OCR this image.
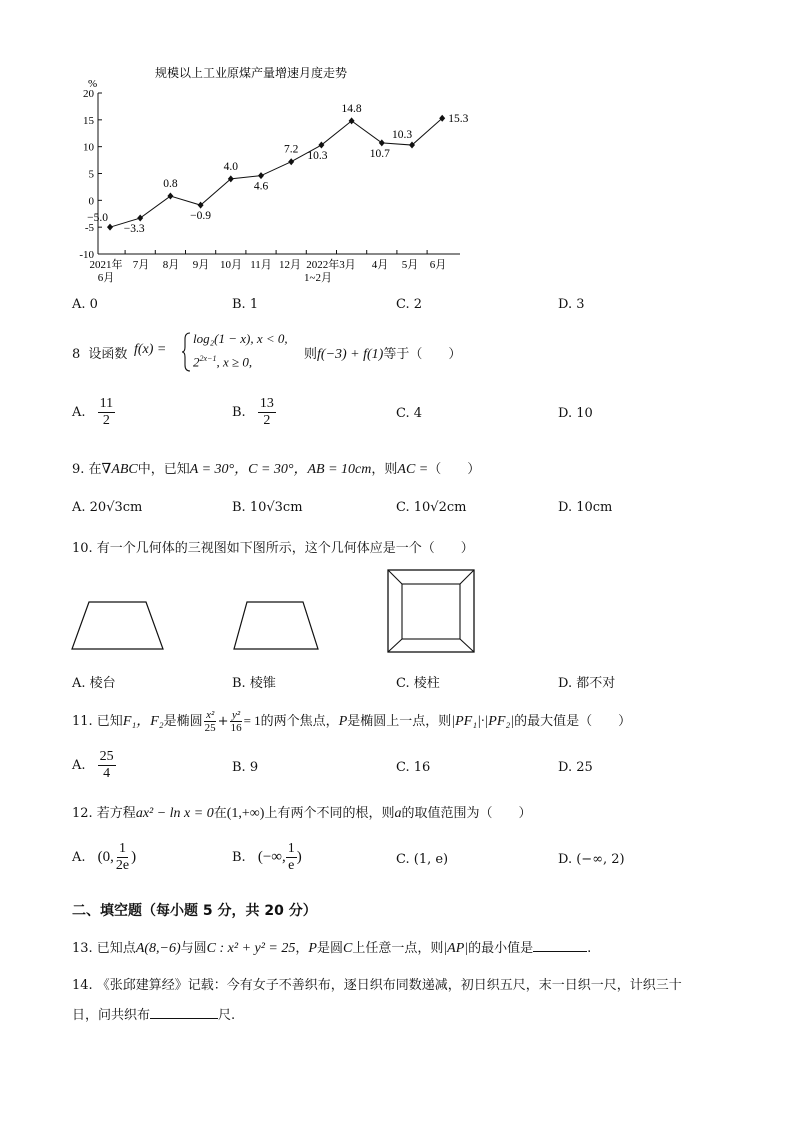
规模以上工业原煤产量增速月度走势
%
20
15
10
5
0
-5
-10
2021年
6月
7月 8月 9月 10月 11月 12月 2022年3月
1~2月
4月 5月 6月
−5.0
−3.3
0.8
−0.9
4.0
4.6
7.2
10.3
14.8
10.7
10.3
15.3
A. 0	B. 1	C. 2	D. 3
8 设函数 f(x) =
log₂(1 − x), x < 0,
$2^{2x-1}$, x ≥ 0,	则f(−3) + f(1)等于（　　）
A. $\frac{11}{2}$	B. $\frac{13}{2}$	C. 4	D. 10
9. 在∇ABC中，已知A = 30°，C = 30°，AB = 10cm，则AC =（　　）
A. 20√3cm	B. 10√3cm	C. 10√2cm	D. 10cm
10. 有一个几何体的三视图如下图所示，这个几何体应是一个（　　）
A. 棱台	B. 棱锥	C. 棱柱	D. 都不对
11. 已知F₁，F₂是椭圆 $\frac{\text{x²}}{25} + \frac{\text{y²}}{16} = 1$的两个焦点，P是椭圆上一点，则|PF₁|·|PF₂|的最大值是（　　）
A. $\frac{25}{4}$	B. 9	C. 16	D. 25
12. 若方程ax² − ln x = 0在(1,+∞)上有两个不同的根，则a的取值范围为（　　）
A. (0, $\frac{1}{2e}$ )	B. (−∞, $\frac{1}{e}$ )	C. (1, e)	D. (−∞, 2)
二、填空题（每小题 5 分，共 20 分）
13. 已知点A(8,−6)与圆C : x² + y² = 25，P是圆C上任意一点，则|AP|的最小值是	.
14. 《张邱建算经》记载：今有女子不善织布，逐日织布同数递减，初日织五尺，末一日织一尺，计织三十
日，问共织布	尺.
